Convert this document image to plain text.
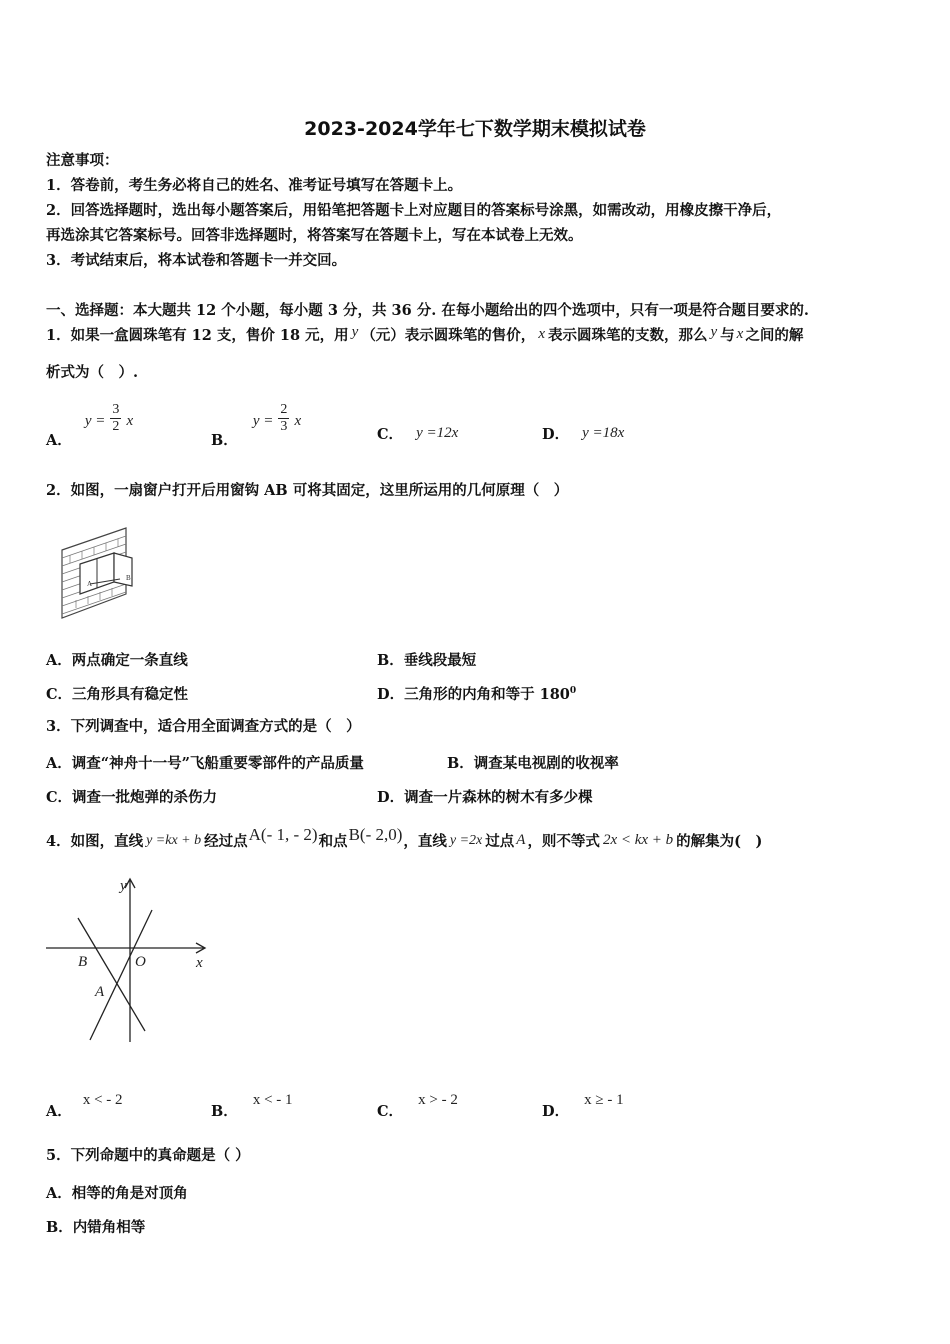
2023-2024学年七下数学期末模拟试卷
注意事项：
1．答卷前，考生务必将自己的姓名、准考证号填写在答题卡上。
2．回答选择题时，选出每小题答案后，用铅笔把答题卡上对应题目的答案标号涂黑，如需改动，用橡皮擦干净后，
再选涂其它答案标号。回答非选择题时，将答案写在答题卡上，写在本试卷上无效。
3．考试结束后，将本试卷和答题卡一并交回。
一、选择题：本大题共 12 个小题，每小题 3 分，共 36 分. 在每小题给出的四个选项中，只有一项是符合题目要求的.
1．如果一盒圆珠笔有 12 支，售价 18 元，用 y （元）表示圆珠笔的售价， x 表示圆珠笔的支数，那么 y 与 x 之间的解
析式为（　）.
A． $y = \frac{3}{2}$ x
B． $y = \frac{2}{3}$ x
C． y =12x	D． y =18x
2．如图，一扇窗户打开后用窗钩 AB 可将其固定，这里所运用的几何原理（　）
A
B
A．两点确定一条直线	B．垂线段最短
C．三角形具有稳定性	D．三角形的内角和等于 $180^0$
3．下列调查中，适合用全面调查方式的是（　）
A．调查“神舟十一号”飞船重要零部件的产品质量	B．调查某电视剧的收视率
C．调查一批炮弹的杀伤力	D．调查一片森林的树木有多少棵
4．如图，直线 y =kx + b 经过点A(- 1, - 2)和点B(- 2,0)，直线 y =2x 过点 A ，则不等式 2x < kx + b 的解集为(　)
y
x
O
B
A
A． x < - 2
B． x < - 1
C． x > - 2
D． x ≥ - 1
5．下列命题中的真命题是（ ）
A．相等的角是对顶角
B．内错角相等
